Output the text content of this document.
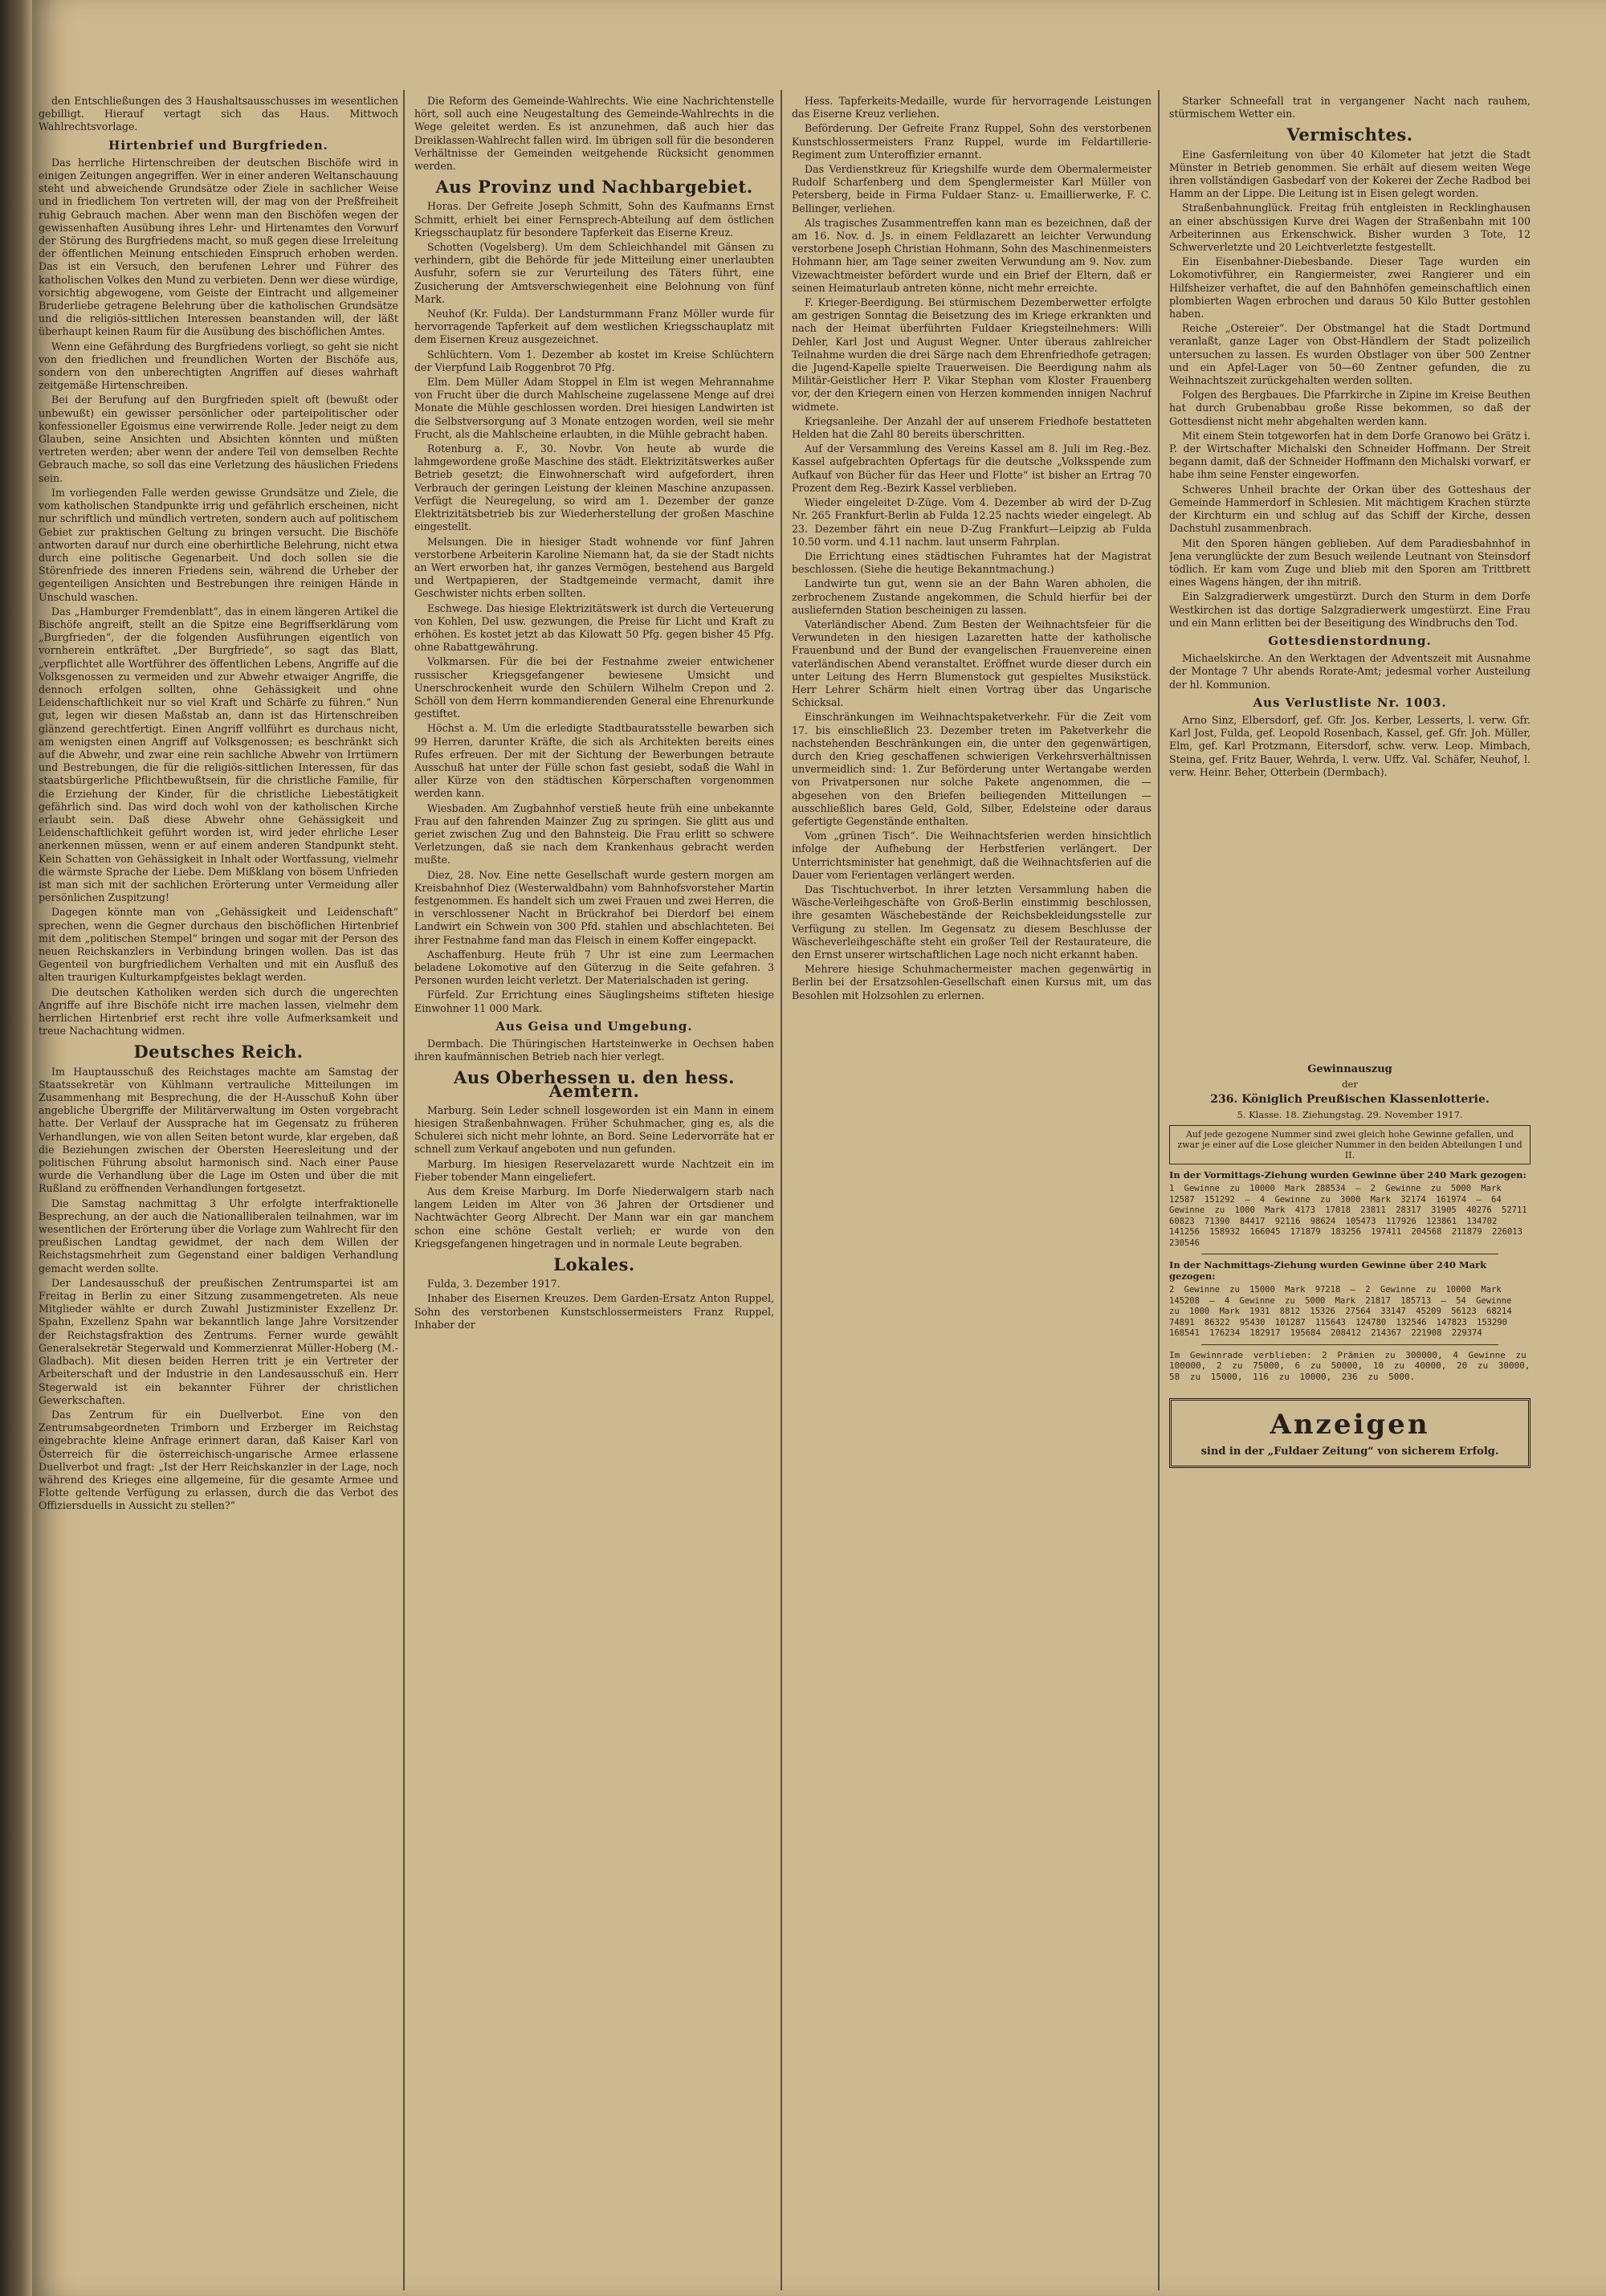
den Entschließungen des 3 Haushaltsausschusses im wesentlichen gebilligt. Hierauf vertagt sich das Haus. Mittwoch Wahlrechtsvorlage.

Hirtenbrief und Burgfrieden.

Das herrliche Hirtenschreiben der deutschen Bischöfe wird in einigen Zeitungen angegriffen. Wer in einer anderen Weltanschauung steht und abweichende Grundsätze oder Ziele in sachlicher Weise und in friedlichem Ton vertreten will, der mag von der Preßfreiheit ruhig Gebrauch machen. Aber wenn man den Bischöfen wegen der gewissenhaften Ausübung ihres Lehr- und Hirtenamtes den Vorwurf der Störung des Burgfriedens macht, so muß gegen diese Irreleitung der öffentlichen Meinung entschieden Einspruch erhoben werden. Das ist ein Versuch, den berufenen Lehrer und Führer des katholischen Volkes den Mund zu verbieten. Denn wer diese würdige, vorsichtig abgewogene, vom Geiste der Eintracht und allgemeiner Bruderliebe getragene Belehrung über die katholischen Grundsätze und die religiös-sittlichen Interessen beanstanden will, der läßt überhaupt keinen Raum für die Ausübung des bischöflichen Amtes.

Wenn eine Gefährdung des Burgfriedens vorliegt, so geht sie nicht von den friedlichen und freundlichen Worten der Bischöfe aus, sondern von den unberechtigten Angriffen auf dieses wahrhaft zeitgemäße Hirtenschreiben.

Bei der Berufung auf den Burgfrieden spielt oft (bewußt oder unbewußt) ein gewisser persönlicher oder parteipolitischer oder konfessioneller Egoismus eine verwirrende Rolle. Jeder neigt zu dem Glauben, seine Ansichten und Absichten könnten und müßten vertreten werden; aber wenn der andere Teil von demselben Rechte Gebrauch mache, so soll das eine Verletzung des häuslichen Friedens sein.

Im vorliegenden Falle werden gewisse Grundsätze und Ziele, die vom katholischen Standpunkte irrig und gefährlich erscheinen, nicht nur schriftlich und mündlich vertreten, sondern auch auf politischem Gebiet zur praktischen Geltung zu bringen versucht. Die Bischöfe antworten darauf nur durch eine oberhirtliche Belehrung, nicht etwa durch eine politische Gegenarbeit. Und doch sollen sie die Störenfriede des inneren Friedens sein, während die Urheber der gegenteiligen Ansichten und Bestrebungen ihre reinigen Hände in Unschuld waschen.

Das „Hamburger Fremdenblatt“, das in einem längeren Artikel die Bischöfe angreift, stellt an die Spitze eine Begriffserklärung vom „Burgfrieden“, der die folgenden Ausführungen eigentlich von vornherein entkräftet. „Der Burgfriede“, so sagt das Blatt, „verpflichtet alle Wortführer des öffentlichen Lebens, Angriffe auf die Volksgenossen zu vermeiden und zur Abwehr etwaiger Angriffe, die dennoch erfolgen sollten, ohne Gehässigkeit und ohne Leidenschaftlichkeit nur so viel Kraft und Schärfe zu führen.“ Nun gut, legen wir diesen Maßstab an, dann ist das Hirtenschreiben glänzend gerechtfertigt. Einen Angriff vollführt es durchaus nicht, am wenigsten einen Angriff auf Volksgenossen; es beschränkt sich auf die Abwehr, und zwar eine rein sachliche Abwehr von Irrtümern und Bestrebungen, die für die religiös-sittlichen Interessen, für das staatsbürgerliche Pflichtbewußtsein, für die christliche Familie, für die Erziehung der Kinder, für die christliche Liebestätigkeit gefährlich sind. Das wird doch wohl von der katholischen Kirche erlaubt sein. Daß diese Abwehr ohne Gehässigkeit und Leidenschaftlichkeit geführt worden ist, wird jeder ehrliche Leser anerkennen müssen, wenn er auf einem anderen Standpunkt steht. Kein Schatten von Gehässigkeit in Inhalt oder Wortfassung, vielmehr die wärmste Sprache der Liebe. Dem Mißklang von bösem Unfrieden ist man sich mit der sachlichen Erörterung unter Vermeidung aller persönlichen Zuspitzung!

Dagegen könnte man von „Gehässigkeit und Leidenschaft“ sprechen, wenn die Gegner durchaus den bischöflichen Hirtenbrief mit dem „politischen Stempel“ bringen und sogar mit der Person des neuen Reichskanzlers in Verbindung bringen wollen. Das ist das Gegenteil von burgfriedlichem Verhalten und mit ein Ausfluß des alten traurigen Kulturkampfgeistes beklagt werden.

Die deutschen Katholiken werden sich durch die ungerechten Angriffe auf ihre Bischöfe nicht irre machen lassen, vielmehr dem herrlichen Hirtenbrief erst recht ihre volle Aufmerksamkeit und treue Nachachtung widmen.

Deutsches Reich.

Im Hauptausschuß des Reichstages machte am Samstag der Staatssekretär von Kühlmann vertrauliche Mitteilungen im Zusammenhang mit Besprechung, die der H-Ausschuß Kohn über angebliche Übergriffe der Militärverwaltung im Osten vorgebracht hatte. Der Verlauf der Aussprache hat im Gegensatz zu früheren Verhandlungen, wie von allen Seiten betont wurde, klar ergeben, daß die Beziehungen zwischen der Obersten Heeresleitung und der politischen Führung absolut harmonisch sind. Nach einer Pause wurde die Verhandlung über die Lage im Osten und über die mit Rußland zu eröffnenden Verhandlungen fortgesetzt.

Die Samstag nachmittag 3 Uhr erfolgte interfraktionelle Besprechung, an der auch die Nationalliberalen teilnahmen, war im wesentlichen der Erörterung über die Vorlage zum Wahlrecht für den preußischen Landtag gewidmet, der nach dem Willen der Reichstagsmehrheit zum Gegenstand einer baldigen Verhandlung gemacht werden sollte.

Der Landesausschuß der preußischen Zentrumspartei ist am Freitag in Berlin zu einer Sitzung zusammengetreten. Als neue Mitglieder wählte er durch Zuwahl Justizminister Exzellenz Dr. Spahn, Exzellenz Spahn war bekanntlich lange Jahre Vorsitzender der Reichstagsfraktion des Zentrums. Ferner wurde gewählt Generalsekretär Stegerwald und Kommerzienrat Müller-Hoberg (M.-Gladbach). Mit diesen beiden Herren tritt je ein Vertreter der Arbeiterschaft und der Industrie in den Landesausschuß ein. Herr Stegerwald ist ein bekannter Führer der christlichen Gewerkschaften.

Das Zentrum für ein Duellverbot. Eine von den Zentrumsabgeordneten Trimborn und Erzberger im Reichstag eingebrachte kleine Anfrage erinnert daran, daß Kaiser Karl von Österreich für die österreichisch-ungarische Armee erlassene Duellverbot und fragt: „Ist der Herr Reichskanzler in der Lage, noch während des Krieges eine allgemeine, für die gesamte Armee und Flotte geltende Verfügung zu erlassen, durch die das Verbot des Offiziersduells in Aussicht zu stellen?“

Die Reform des Gemeinde-Wahlrechts. Wie eine Nachrichtenstelle hört, soll auch eine Neugestaltung des Gemeinde-Wahlrechts in die Wege geleitet werden. Es ist anzunehmen, daß auch hier das Dreiklassen-Wahlrecht fallen wird. Im übrigen soll für die besonderen Verhältnisse der Gemeinden weitgehende Rücksicht genommen werden.

Aus Provinz und Nachbargebiet.

Horas. Der Gefreite Joseph Schmitt, Sohn des Kaufmanns Ernst Schmitt, erhielt bei einer Fernsprech-Abteilung auf dem östlichen Kriegsschauplatz für besondere Tapferkeit das Eiserne Kreuz.

Schotten (Vogelsberg). Um dem Schleichhandel mit Gänsen zu verhindern, gibt die Behörde für jede Mitteilung einer unerlaubten Ausfuhr, sofern sie zur Verurteilung des Täters führt, eine Zusicherung der Amtsverschwiegenheit eine Belohnung von fünf Mark.

Neuhof (Kr. Fulda). Der Landsturmmann Franz Möller wurde für hervorragende Tapferkeit auf dem westlichen Kriegsschauplatz mit dem Eisernen Kreuz ausgezeichnet.

Schlüchtern. Vom 1. Dezember ab kostet im Kreise Schlüchtern der Vierpfund Laib Roggenbrot 70 Pfg.

Elm. Dem Müller Adam Stoppel in Elm ist wegen Mehrannahme von Frucht über die durch Mahlscheine zugelassene Menge auf drei Monate die Mühle geschlossen worden. Drei hiesigen Landwirten ist die Selbstversorgung auf 3 Monate entzogen worden, weil sie mehr Frucht, als die Mahlscheine erlaubten, in die Mühle gebracht haben.

Rotenburg a. F., 30. Novbr. Von heute ab wurde die lahmgewordene große Maschine des städt. Elektrizitätswerkes außer Betrieb gesetzt; die Einwohnerschaft wird aufgefordert, ihren Verbrauch der geringen Leistung der kleinen Maschine anzupassen. Verfügt die Neuregelung, so wird am 1. Dezember der ganze Elektrizitätsbetrieb bis zur Wiederherstellung der großen Maschine eingestellt.

Melsungen. Die in hiesiger Stadt wohnende vor fünf Jahren verstorbene Arbeiterin Karoline Niemann hat, da sie der Stadt nichts an Wert erworben hat, ihr ganzes Vermögen, bestehend aus Bargeld und Wertpapieren, der Stadtgemeinde vermacht, damit ihre Geschwister nichts erben sollten.

Eschwege. Das hiesige Elektrizitätswerk ist durch die Verteuerung von Kohlen, Del usw. gezwungen, die Preise für Licht und Kraft zu erhöhen. Es kostet jetzt ab das Kilowatt 50 Pfg. gegen bisher 45 Pfg. ohne Rabattgewährung.

Volkmarsen. Für die bei der Festnahme zweier entwichener russischer Kriegsgefangener bewiesene Umsicht und Unerschrockenheit wurde den Schülern Wilhelm Crepon und 2. Schöll von dem Herrn kommandierenden General eine Ehrenurkunde gestiftet.

Höchst a. M. Um die erledigte Stadtbauratsstelle bewarben sich 99 Herren, darunter Kräfte, die sich als Architekten bereits eines Rufes erfreuen. Der mit der Sichtung der Bewerbungen betraute Ausschuß hat unter der Fülle schon fast gesiebt, sodaß die Wahl in aller Kürze von den städtischen Körperschaften vorgenommen werden kann.

Wiesbaden. Am Zugbahnhof verstieß heute früh eine unbekannte Frau auf den fahrenden Mainzer Zug zu springen. Sie glitt aus und geriet zwischen Zug und den Bahnsteig. Die Frau erlitt so schwere Verletzungen, daß sie nach dem Krankenhaus gebracht werden mußte.

Diez, 28. Nov. Eine nette Gesellschaft wurde gestern morgen am Kreisbahnhof Diez (Westerwaldbahn) vom Bahnhofsvorsteher Martin festgenommen. Es handelt sich um zwei Frauen und zwei Herren, die in verschlossener Nacht in Brückrahof bei Dierdorf bei einem Landwirt ein Schwein von 300 Pfd. stahlen und abschlachteten. Bei ihrer Festnahme fand man das Fleisch in einem Koffer eingepackt.

Aschaffenburg. Heute früh 7 Uhr ist eine zum Leermachen beladene Lokomotive auf den Güterzug in die Seite gefahren. 3 Personen wurden leicht verletzt. Der Materialschaden ist gering.

Fürfeld. Zur Errichtung eines Säuglingsheims stifteten hiesige Einwohner 11 000 Mark.

Aus Geisa und Umgebung.

Dermbach. Die Thüringischen Hartsteinwerke in Oechsen haben ihren kaufmännischen Betrieb nach hier verlegt.

Aus Oberhessen u. den hess. Aemtern.

Marburg. Sein Leder schnell losgeworden ist ein Mann in einem hiesigen Straßenbahnwagen. Früher Schuhmacher, ging es, als die Schulerei sich nicht mehr lohnte, an Bord. Seine Ledervorräte hat er schnell zum Verkauf angeboten und nun gefunden.

Marburg. Im hiesigen Reservelazarett wurde Nachtzeit ein im Fieber tobender Mann eingeliefert.

Aus dem Kreise Marburg. Im Dorfe Niederwalgern starb nach langem Leiden im Alter von 36 Jahren der Ortsdiener und Nachtwächter Georg Albrecht. Der Mann war ein gar manchem schon eine schöne Gestalt verlieh; er wurde von den Kriegsgefangenen hingetragen und in normale Leute begraben.

Lokales.

Fulda, 3. Dezember 1917.

Inhaber des Eisernen Kreuzes. Dem Garden-Ersatz Anton Ruppel, Sohn des verstorbenen Kunstschlossermeisters Franz Ruppel, Inhaber der

Hess. Tapferkeits-Medaille, wurde für hervorragende Leistungen das Eiserne Kreuz verliehen.

Beförderung. Der Gefreite Franz Ruppel, Sohn des verstorbenen Kunstschlossermeisters Franz Ruppel, wurde im Feldartillerie-Regiment zum Unteroffizier ernannt.

Das Verdienstkreuz für Kriegshilfe wurde dem Obermalermeister Rudolf Scharfenberg und dem Spenglermeister Karl Müller von Petersberg, beide in Firma Fuldaer Stanz- u. Emaillierwerke, F. C. Bellinger, verliehen.

Als tragisches Zusammentreffen kann man es bezeichnen, daß der am 16. Nov. d. Js. in einem Feldlazarett an leichter Verwundung verstorbene Joseph Christian Hohmann, Sohn des Maschinenmeisters Hohmann hier, am Tage seiner zweiten Verwundung am 9. Nov. zum Vizewachtmeister befördert wurde und ein Brief der Eltern, daß er seinen Heimaturlaub antreten könne, nicht mehr erreichte.

F. Krieger-Beerdigung. Bei stürmischem Dezemberwetter erfolgte am gestrigen Sonntag die Beisetzung des im Kriege erkrankten und nach der Heimat überführten Fuldaer Kriegsteilnehmers: Willi Dehler, Karl Jost und August Wegner. Unter überaus zahlreicher Teilnahme wurden die drei Särge nach dem Ehrenfriedhofe getragen; die Jugend-Kapelle spielte Trauerweisen. Die Beerdigung nahm als Militär-Geistlicher Herr P. Vikar Stephan vom Kloster Frauenberg vor, der den Kriegern einen von Herzen kommenden innigen Nachruf widmete.

Kriegsanleihe. Der Anzahl der auf unserem Friedhofe bestatteten Helden hat die Zahl 80 bereits überschritten.

Auf der Versammlung des Vereins Kassel am 8. Juli im Reg.-Bez. Kassel aufgebrachten Opfertags für die deutsche „Volksspende zum Aufkauf von Bücher für das Heer und Flotte“ ist bisher an Ertrag 70 Prozent dem Reg.-Bezirk Kassel verblieben.

Wieder eingeleitet D-Züge. Vom 4. Dezember ab wird der D-Zug Nr. 265 Frankfurt-Berlin ab Fulda 12.25 nachts wieder eingelegt. Ab 23. Dezember fährt ein neue D-Zug Frankfurt—Leipzig ab Fulda 10.50 vorm. und 4.11 nachm. laut unserm Fahrplan.

Die Errichtung eines städtischen Fuhramtes hat der Magistrat beschlossen. (Siehe die heutige Bekanntmachung.)

Landwirte tun gut, wenn sie an der Bahn Waren abholen, die zerbrochenem Zustande angekommen, die Schuld hierfür bei der ausliefernden Station bescheinigen zu lassen.

Vaterländischer Abend. Zum Besten der Weihnachtsfeier für die Verwundeten in den hiesigen Lazaretten hatte der katholische Frauenbund und der Bund der evangelischen Frauenvereine einen vaterländischen Abend veranstaltet. Eröffnet wurde dieser durch ein unter Leitung des Herrn Blumenstock gut gespieltes Musikstück. Herr Lehrer Schärm hielt einen Vortrag über das Ungarische Schicksal.

Einschränkungen im Weihnachtspaketverkehr. Für die Zeit vom 17. bis einschließlich 23. Dezember treten im Paketverkehr die nachstehenden Beschränkungen ein, die unter den gegenwärtigen, durch den Krieg geschaffenen schwierigen Verkehrsverhältnissen unvermeidlich sind: 1. Zur Beförderung unter Wertangabe werden von Privatpersonen nur solche Pakete angenommen, die — abgesehen von den Briefen beiliegenden Mitteilungen — ausschließlich bares Geld, Gold, Silber, Edelsteine oder daraus gefertigte Gegenstände enthalten.

Vom „grünen Tisch“. Die Weihnachtsferien werden hinsichtlich infolge der Aufhebung der Herbstferien verlängert. Der Unterrichtsminister hat genehmigt, daß die Weihnachtsferien auf die Dauer vom Ferientagen verlängert werden.

Das Tischtuchverbot. In ihrer letzten Versammlung haben die Wäsche-Verleihgeschäfte von Groß-Berlin einstimmig beschlossen, ihre gesamten Wäschebestände der Reichsbekleidungsstelle zur Verfügung zu stellen. Im Gegensatz zu diesem Beschlusse der Wäscheverleihgeschäfte steht ein großer Teil der Restaurateure, die den Ernst unserer wirtschaftlichen Lage noch nicht erkannt haben.

Mehrere hiesige Schuhmachermeister machen gegenwärtig in Berlin bei der Ersatzsohlen-Gesellschaft einen Kursus mit, um das Besohlen mit Holzsohlen zu erlernen.

Starker Schneefall trat in vergangener Nacht nach rauhem, stürmischem Wetter ein.

Vermischtes.

Eine Gasfernleitung von über 40 Kilometer hat jetzt die Stadt Münster in Betrieb genommen. Sie erhält auf diesem weiten Wege ihren vollständigen Gasbedarf von der Kokerei der Zeche Radbod bei Hamm an der Lippe. Die Leitung ist in Eisen gelegt worden.

Straßenbahnunglück. Freitag früh entgleisten in Recklinghausen an einer abschüssigen Kurve drei Wagen der Straßenbahn mit 100 Arbeiterinnen aus Erkenschwick. Bisher wurden 3 Tote, 12 Schwerverletzte und 20 Leichtverletzte festgestellt.

Ein Eisenbahner-Diebesbande. Dieser Tage wurden ein Lokomotivführer, ein Rangiermeister, zwei Rangierer und ein Hilfsheizer verhaftet, die auf den Bahnhöfen gemeinschaftlich einen plombierten Wagen erbrochen und daraus 50 Kilo Butter gestohlen haben.

Reiche „Ostereier“. Der Obstmangel hat die Stadt Dortmund veranlaßt, ganze Lager von Obst-Händlern der Stadt polizeilich untersuchen zu lassen. Es wurden Obstlager von über 500 Zentner und ein Apfel-Lager von 50—60 Zentner gefunden, die zu Weihnachtszeit zurückgehalten werden sollten.

Folgen des Bergbaues. Die Pfarrkirche in Zipine im Kreise Beuthen hat durch Grubenabbau große Risse bekommen, so daß der Gottesdienst nicht mehr abgehalten werden kann.

Mit einem Stein totgeworfen hat in dem Dorfe Granowo bei Grätz i. P. der Wirtschafter Michalski den Schneider Hoffmann. Der Streit begann damit, daß der Schneider Hoffmann den Michalski vorwarf, er habe ihm seine Fenster eingeworfen.

Schweres Unheil brachte der Orkan über des Gotteshaus der Gemeinde Hammerdorf in Schlesien. Mit mächtigem Krachen stürzte der Kirchturm ein und schlug auf das Schiff der Kirche, dessen Dachstuhl zusammenbrach.

Mit den Sporen hängen geblieben. Auf dem Paradiesbahnhof in Jena verunglückte der zum Besuch weilende Leutnant von Steinsdorf tödlich. Er kam vom Zuge und blieb mit den Sporen am Trittbrett eines Wagens hängen, der ihn mitriß.

Ein Salzgradierwerk umgestürzt. Durch den Sturm in dem Dorfe Westkirchen ist das dortige Salzgradierwerk umgestürzt. Eine Frau und ein Mann erlitten bei der Beseitigung des Windbruchs den Tod.

Gottesdienstordnung.

Michaelskirche. An den Werktagen der Adventszeit mit Ausnahme der Montage 7 Uhr abends Rorate-Amt; jedesmal vorher Austeilung der hl. Kommunion.

Aus Verlustliste Nr. 1003.

Arno Sinz, Elbersdorf, gef. Gfr. Jos. Kerber, Lesserts, l. verw. Gfr. Karl Jost, Fulda, gef. Leopold Rosenbach, Kassel, gef. Gfr. Joh. Müller, Elm, gef. Karl Protzmann, Eitersdorf, schw. verw. Leop. Mimbach, Steina, gef. Fritz Bauer, Wehrda, l. verw. Uffz. Val. Schäfer, Neuhof, l. verw. Heinr. Beher, Otterbein (Dermbach).

Gewinnauszug
der
236. Königlich Preußischen Klassenlotterie.
5. Klasse. 18. Ziehungstag. 29. November 1917.
Auf jede gezogene Nummer sind zwei gleich hohe Gewinne gefallen, und zwar je einer auf die Lose gleicher Nummer in den beiden Abteilungen I und II.
In der Vormittags-Ziehung wurden Gewinne über 240 Mark gezogen:
1 Gewinne zu 10000 Mark 288534 — 2 Gewinne zu 5000 Mark 12587 151292 — 4 Gewinne zu 3000 Mark 32174 161974 — 64 Gewinne zu 1000 Mark 4173 17018 23811 28317 31905 40276 52711 60823 71390 84417 92116 98624 105473 117926 123861 134702 141256 158932 166045 171879 183256 197411 204568 211879 226013 230546
In der Nachmittags-Ziehung wurden Gewinne über 240 Mark gezogen:
2 Gewinne zu 15000 Mark 97218 — 2 Gewinne zu 10000 Mark 145208 — 4 Gewinne zu 5000 Mark 21817 185713 — 54 Gewinne zu 1000 Mark 1931 8812 15326 27564 33147 45209 56123 68214 74891 86322 95430 101287 115643 124780 132546 147823 153290 168541 176234 182917 195684 208412 214367 221908 229374
Im Gewinnrade verblieben: 2 Prämien zu 300000, 4 Gewinne zu 100000, 2 zu 75000, 6 zu 50000, 10 zu 40000, 20 zu 30000, 58 zu 15000, 116 zu 10000, 236 zu 5000.
Anzeigen
sind in der „Fuldaer Zeitung“ von sicherem Erfolg.
